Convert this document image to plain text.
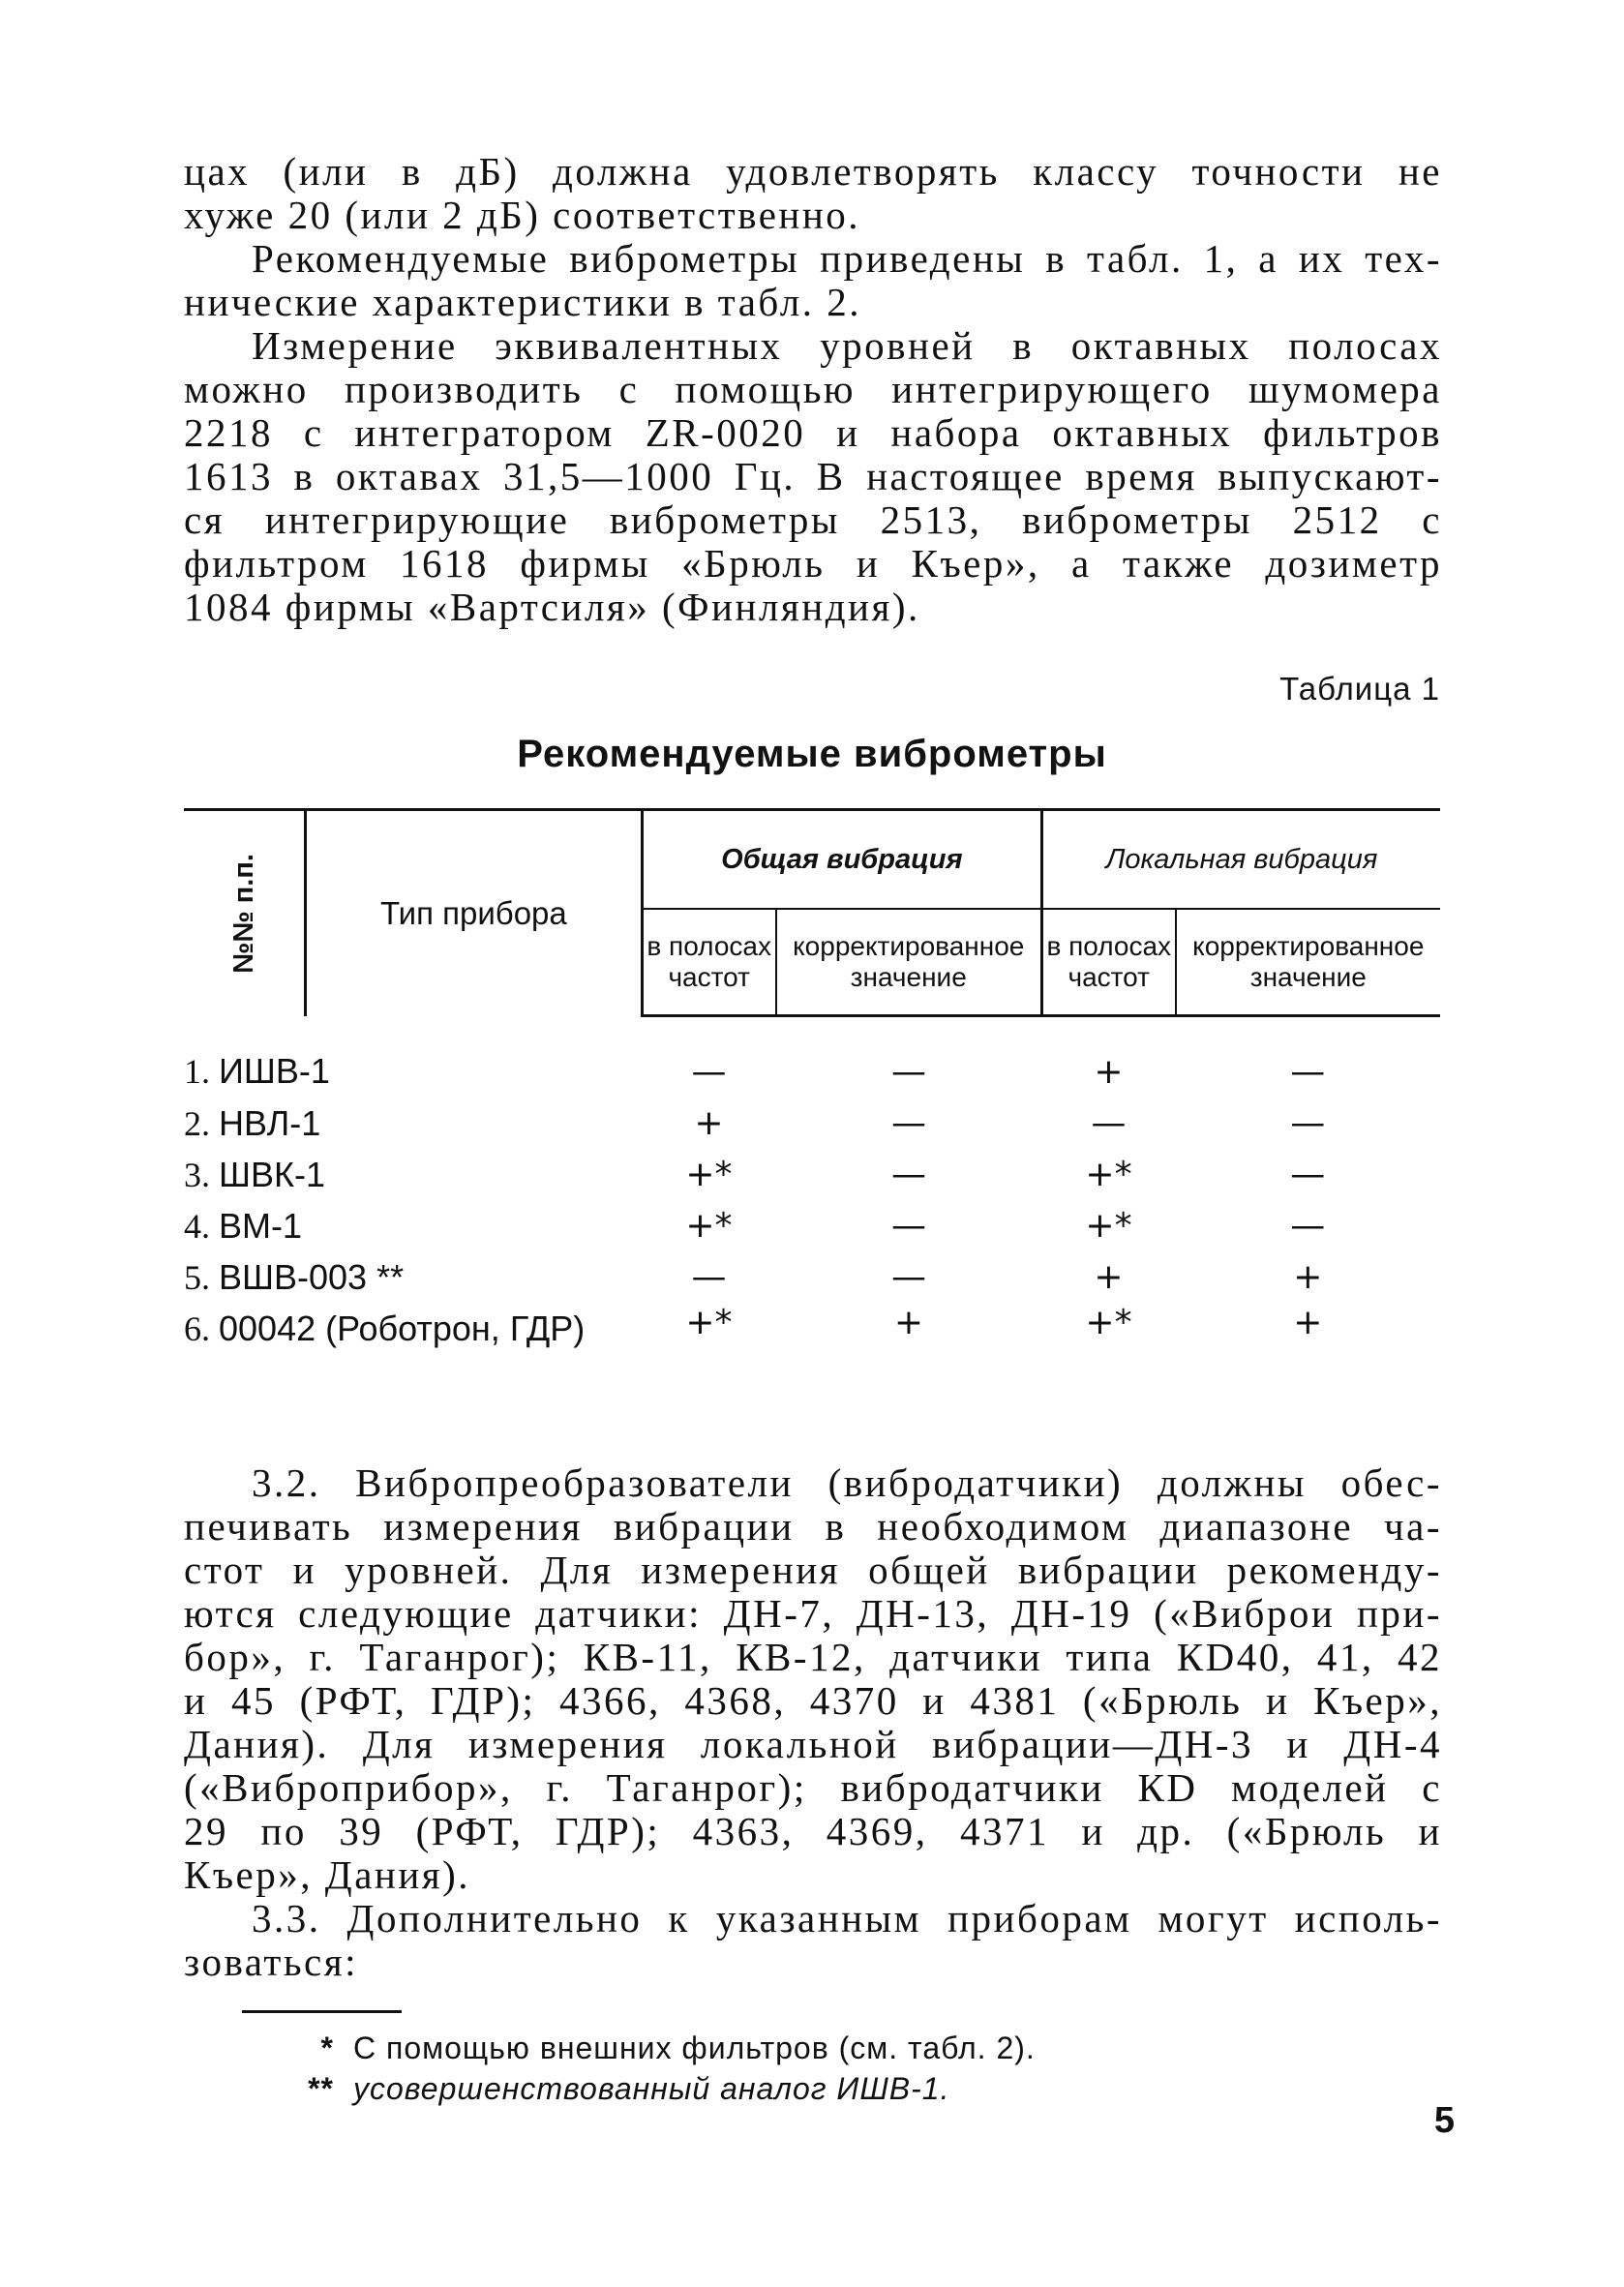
цах (или в дБ) должна удовлетворять классу точности не
хуже 20 (или 2 дБ) соответственно.
Рекомендуемые виброметры приведены в табл. 1, а их тех-
нические характеристики в табл. 2.
Измерение эквивалентных уровней в октавных полосах
можно производить с помощью интегрирующего шумомера
2218 с интегратором ZR-0020 и набора октавных фильтров
1613 в октавах 31,5—1000 Гц. В настоящее время выпускают-
ся интегрирующие виброметры 2513, виброметры 2512 с
фильтром 1618 фирмы «Брюль и Къер», а также дозиметр
1084 фирмы «Вартсиля» (Финляндия).
Таблица 1
Рекомендуемые виброметры
№№ п.п.	Тип прибора	Общая вибрация		Локальная вибрация	
		в полосах частот	корректированное значение	в полосах частот	корректированное значение
1. ИШВ-1		—	—	+	—
2. НВЛ-1		+	—	—	—
3. ШВК-1		+*	—	+*	—
4. ВМ-1		+*	—	+*	—
5. ВШВ-003 **		—	—	+	+
6. 00042 (Роботрон, ГДР)		+*	+	+*	+
3.2. Вибропреобразователи (вибродатчики) должны обес-
печивать измерения вибрации в необходимом диапазоне ча-
стот и уровней. Для измерения общей вибрации рекоменду-
ются следующие датчики: ДН-7, ДН-13, ДН-19 («Виброи при-
бор», г. Таганрог); КВ-11, КВ-12, датчики типа КD40, 41, 42
и 45 (РФТ, ГДР); 4366, 4368, 4370 и 4381 («Брюль и Къер»,
Дания). Для измерения локальной вибрации—ДН-3 и ДН-4
(«Виброприбор», г. Таганрог); вибродатчики КD моделей с
29 по 39 (РФТ, ГДР); 4363, 4369, 4371 и др. («Брюль и
Къер», Дания).
3.3. Дополнительно к указанным приборам могут исполь-
зоваться:
* С помощью внешних фильтров (см. табл. 2).
** усовершенствованный аналог ИШВ-1.
5
